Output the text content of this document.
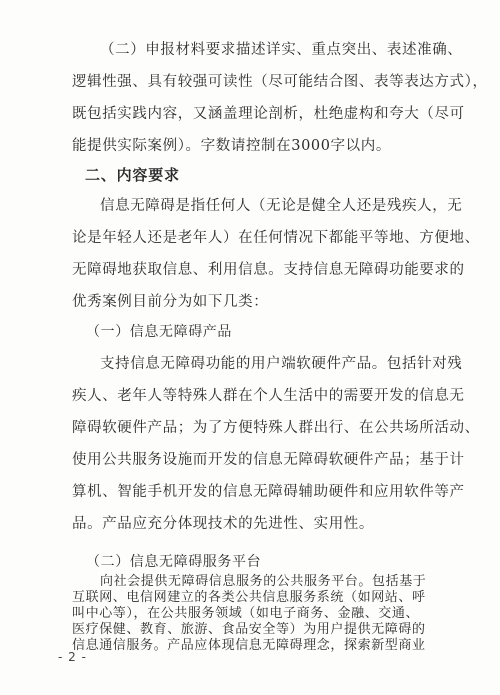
（二）申报材料要求描述详实、重点突出、表述准确、
逻辑性强、具有较强可读性（尽可能结合图、表等表达方式），
既包括实践内容，又涵盖理论剖析，杜绝虚构和夸大（尽可
能提供实际案例）。字数请控制在3000字以内。
二、内容要求
信息无障碍是指任何人（无论是健全人还是残疾人，无
论是年轻人还是老年人）在任何情况下都能平等地、方便地、
无障碍地获取信息、利用信息。支持信息无障碍功能要求的
优秀案例目前分为如下几类：
（一）信息无障碍产品
支持信息无障碍功能的用户端软硬件产品。包括针对残
疾人、老年人等特殊人群在个人生活中的需要开发的信息无
障碍软硬件产品；为了方便特殊人群出行、在公共场所活动、
使用公共服务设施而开发的信息无障碍软硬件产品；基于计
算机、智能手机开发的信息无障碍辅助硬件和应用软件等产
品。产品应充分体现技术的先进性、实用性。
（二）信息无障碍服务平台
- 2 -
向社会提供无障碍信息服务的公共服务平台。包括基于
互联网、电信网建立的各类公共信息服务系统（如网站、呼
叫中心等），在公共服务领域（如电子商务、金融、交通、
医疗保健、教育、旅游、食品安全等）为用户提供无障碍的
信息通信服务。产品应体现信息无障碍理念，探索新型商业
